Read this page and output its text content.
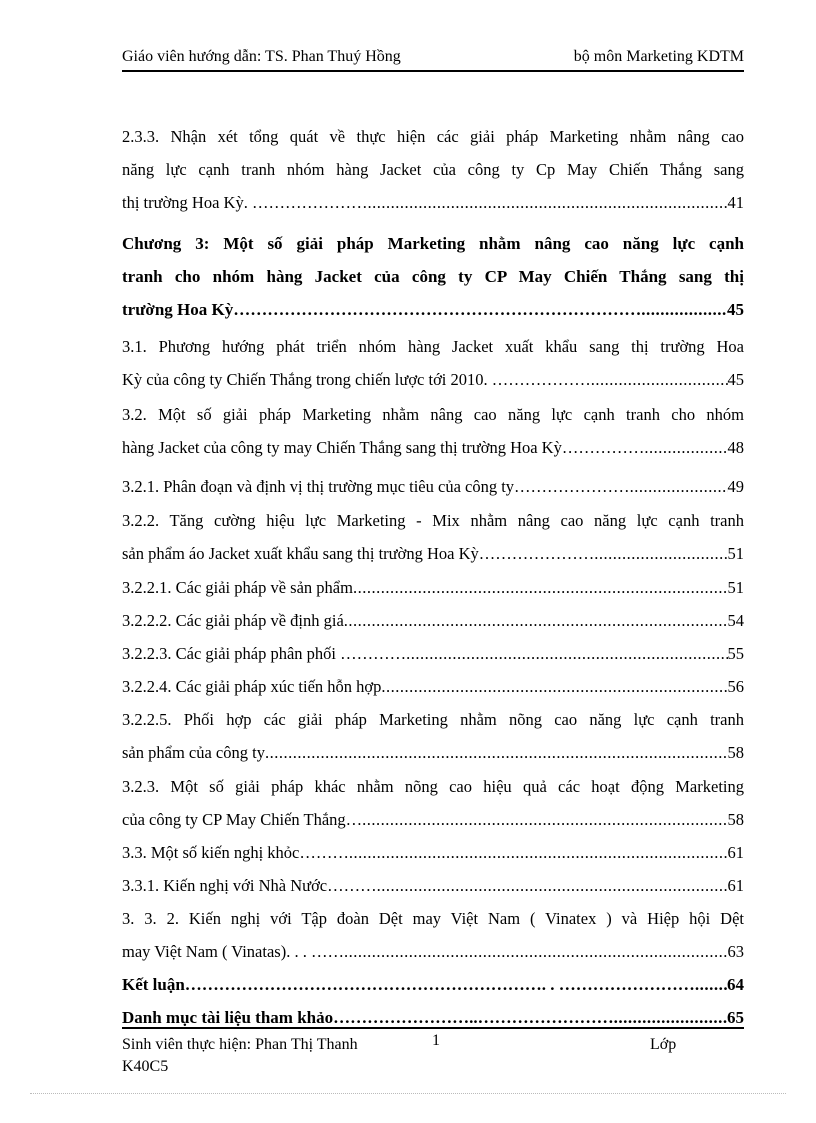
Giáo viên hướng dẫn: TS. Phan Thuý Hồng	bộ môn Marketing KDTM
2.3.3. Nhận xét tổng quát về thực hiện các giải pháp Marketing nhằm nâng cao
năng lực cạnh tranh nhóm hàng Jacket của công ty Cp May Chiến Thắng sang
thị trường Hoa Kỳ. ………………… .....	41
Chương 3: Một số giải pháp Marketing nhằm nâng cao năng lực cạnh
tranh cho nhóm hàng Jacket của công ty CP May Chiến Thắng sang thị
trường Hoa Kỳ……………………………………………………………… .....	45
3.1. Phương hướng phát triển nhóm hàng Jacket xuất khẩu sang thị trường Hoa
Kỳ của công ty Chiến Thắng trong chiến lược tới 2010. ……………… .....	45
3.2. Một số giải pháp Marketing nhằm nâng cao năng lực cạnh tranh cho nhóm
hàng Jacket của công ty may Chiến Thắng sang thị trường Hoa Kỳ…………… .....	48
3.2.1. Phân đoạn và định vị thị trường mục tiêu của công ty………………… .....	49
3.2.2. Tăng cường hiệu lực Marketing - Mix nhằm nâng cao năng lực cạnh tranh
sản phẩm áo Jacket xuất khẩu sang thị trường Hoa Kỳ………………… .....	51
3.2.2.1. Các giải pháp về sản phẩm .....	51
3.2.2.2. Các giải pháp về định giá .....	54
3.2.2.3. Các giải pháp phân phối ………… .....	55
3.2.2.4. Các giải pháp xúc tiến hỗn hợp .....	56
3.2.2.5. Phối hợp các giải pháp Marketing nhằm nõng cao năng lực cạnh tranh
sản phẩm của công ty .....	58
3.2.3. Một số giải pháp khác nhằm nõng cao hiệu quả các hoạt động Marketing
của công ty CP May Chiến Thắng… .....	58
3.3. Một số kiến nghị khỏc……… .....	61
3.3.1. Kiến nghị với Nhà Nước……… .....	61
3. 3. 2. Kiến nghị với Tập đoàn Dệt may Việt Nam ( Vinatex ) và Hiệp hội Dệt
may Việt Nam ( Vinatas). . . …… .....	63
Kết luận………………………………………………………. . …………………… ..... 64
Danh mục tài liệu tham khảo……………………..…………………… .....	65
Sinh viên thực hiện: Phan Thị Thanh	1	Lớp
K40C5
